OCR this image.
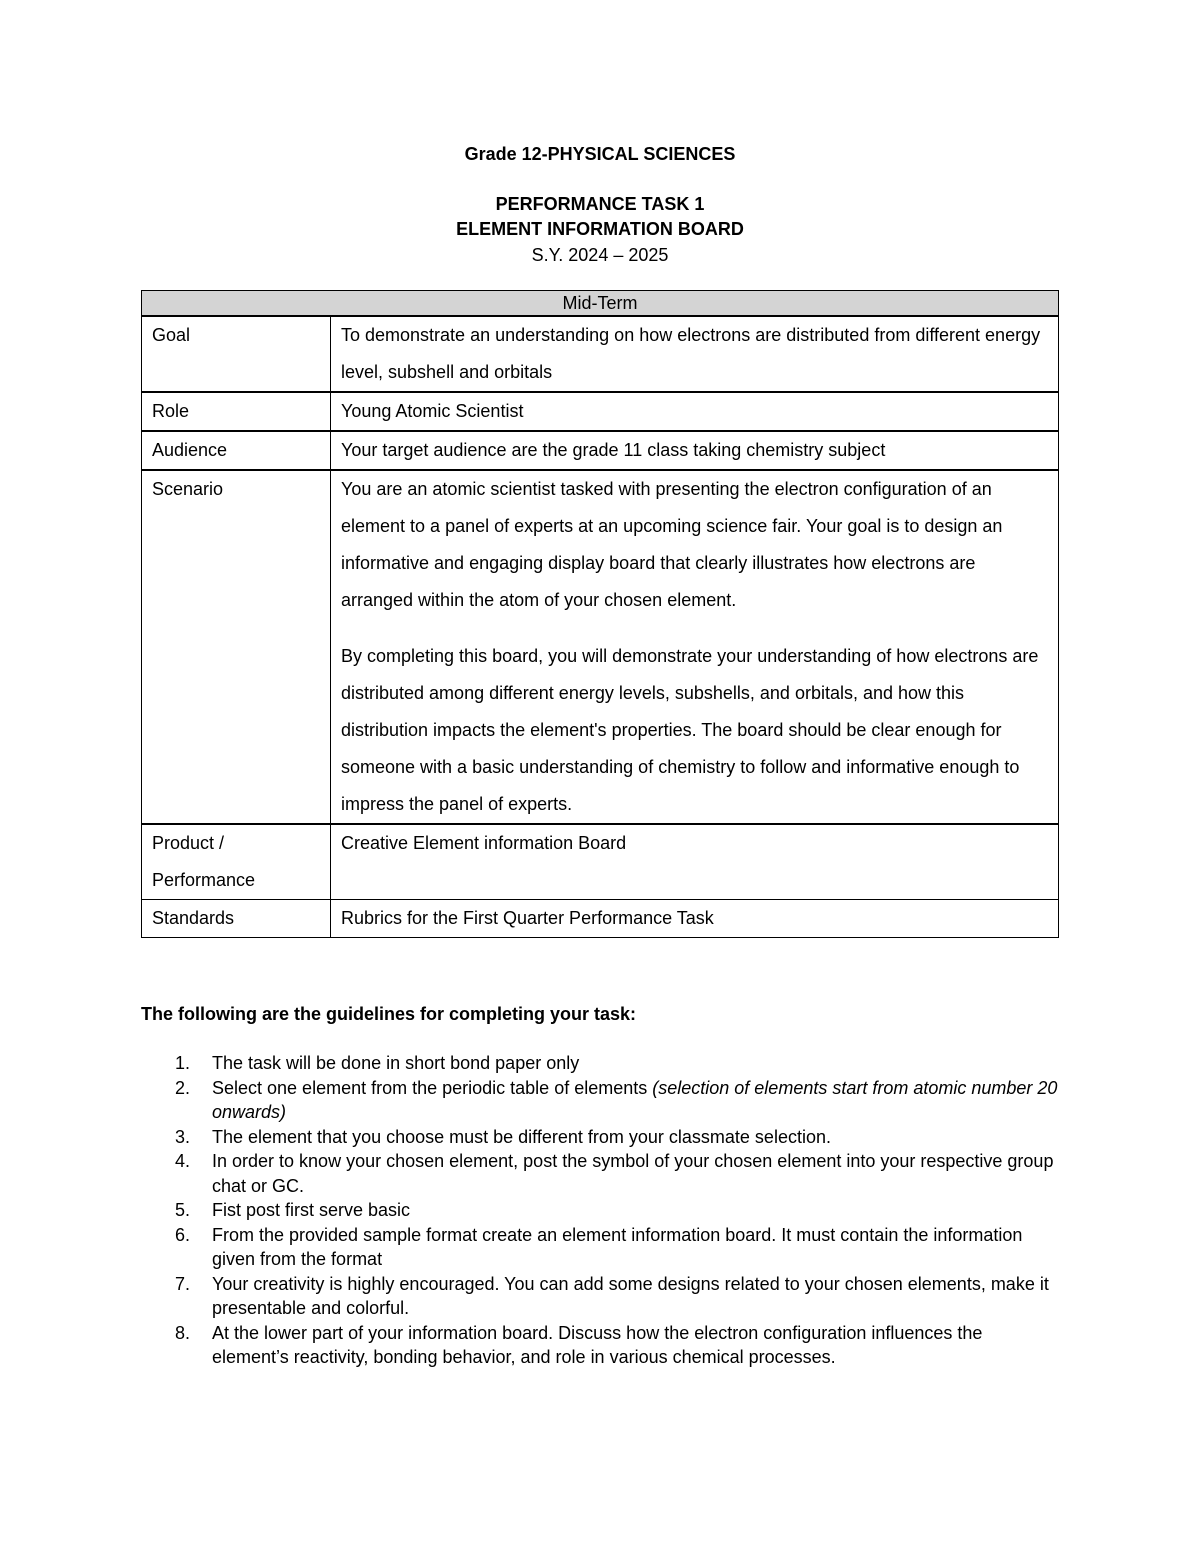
Grade 12-PHYSICAL SCIENCES
PERFORMANCE TASK 1
ELEMENT INFORMATION BOARD
S.Y. 2024 – 2025
Mid-Term	
Goal	To demonstrate an understanding on how electrons are distributed from different energy level, subshell and orbitals
Role	Young Atomic Scientist
Audience	Your target audience are the grade 11 class taking chemistry subject
Scenario	You are an atomic scientist tasked with presenting the electron configuration of an element to a panel of experts at an upcoming science fair. Your goal is to design an informative and engaging display board that clearly illustrates how electrons are arranged within the atom of your chosen element.

By completing this board, you will demonstrate your understanding of how electrons are distributed among different energy levels, subshells, and orbitals, and how this distribution impacts the element's properties. The board should be clear enough for someone with a basic understanding of chemistry to follow and informative enough to impress the panel of experts.

Product / Performance	Creative Element information Board
Standards	Rubrics for the First Quarter Performance Task
The following are the guidelines for completing your task:
1. The task will be done in short bond paper only
2. Select one element from the periodic table of elements (selection of elements start from atomic number 20 onwards)
3. The element that you choose must be different from your classmate selection.
4. In order to know your chosen element, post the symbol of your chosen element into your respective group chat or GC.
5. Fist post first serve basic
6. From the provided sample format create an element information board. It must contain the information given from the format
7. Your creativity is highly encouraged. You can add some designs related to your chosen elements, make it presentable and colorful.
8. At the lower part of your information board. Discuss how the electron configuration influences the element’s reactivity, bonding behavior, and role in various chemical processes.
